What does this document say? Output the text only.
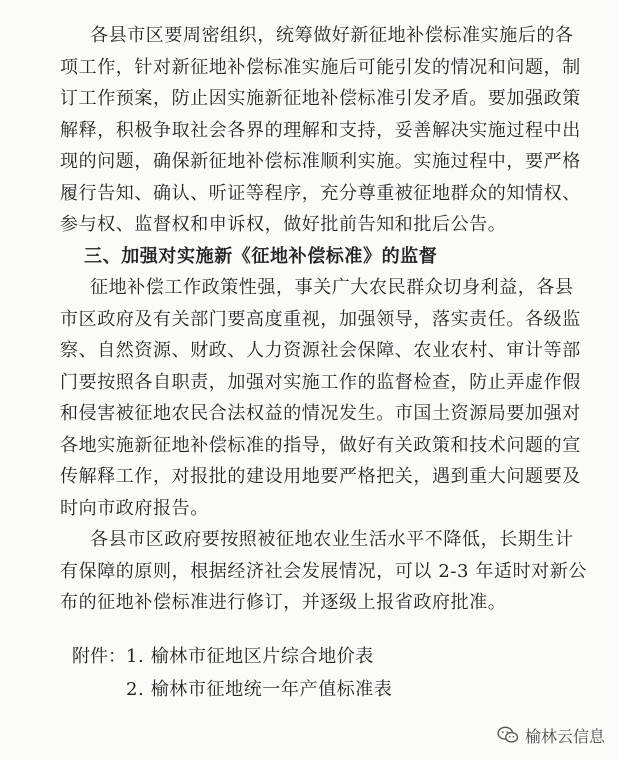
各县市区要周密组织，统筹做好新征地补偿标准实施后的各
项工作，针对新征地补偿标准实施后可能引发的情况和问题，制
订工作预案，防止因实施新征地补偿标准引发矛盾。要加强政策
解释，积极争取社会各界的理解和支持，妥善解决实施过程中出
现的问题，确保新征地补偿标准顺利实施。实施过程中，要严格
履行告知、确认、听证等程序，充分尊重被征地群众的知情权、
参与权、监督权和申诉权，做好批前告知和批后公告。
三、加强对实施新《征地补偿标准》的监督
征地补偿工作政策性强，事关广大农民群众切身利益，各县
市区政府及有关部门要高度重视，加强领导，落实责任。各级监
察、自然资源、财政、人力资源社会保障、农业农村、审计等部
门要按照各自职责，加强对实施工作的监督检查，防止弄虚作假
和侵害被征地农民合法权益的情况发生。市国土资源局要加强对
各地实施新征地补偿标准的指导，做好有关政策和技术问题的宣
传解释工作，对报批的建设用地要严格把关，遇到重大问题要及
时向市政府报告。
各县市区政府要按照被征地农业生活水平不降低，长期生计
有保障的原则，根据经济社会发展情况，可以 2-3 年适时对新公
布的征地补偿标准进行修订，并逐级上报省政府批准。
附件： 1. 榆林市征地区片综合地价表
2. 榆林市征地统一年产值标准表
榆林云信息
